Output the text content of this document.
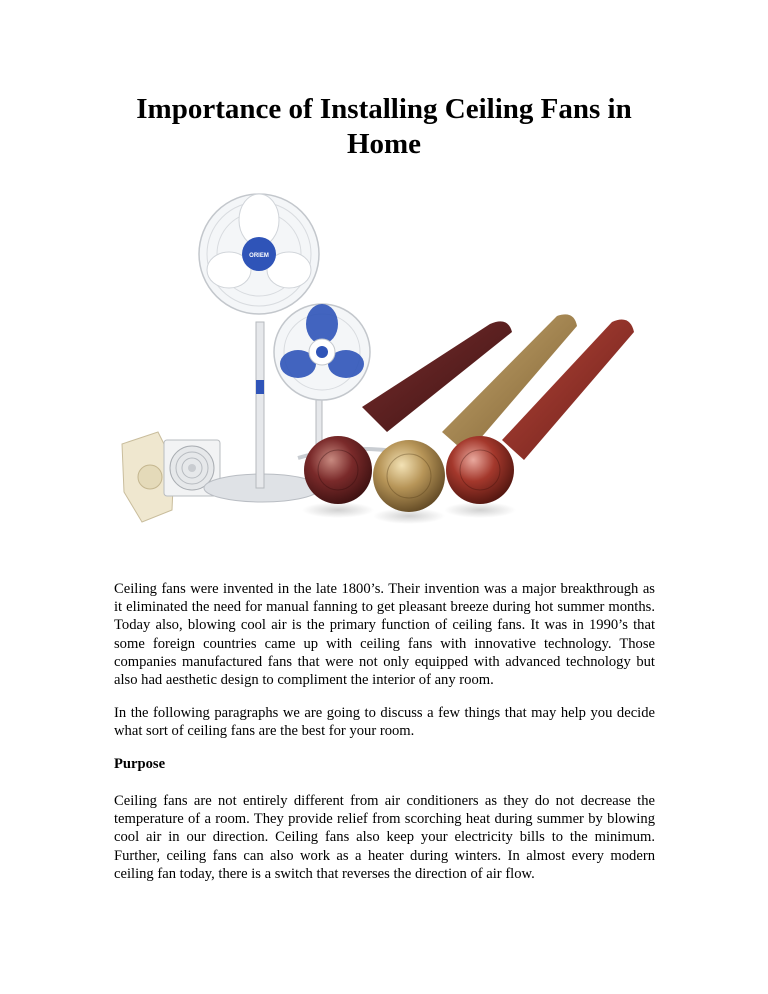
Importance of Installing Ceiling Fans in Home
ORIEM

Ceiling fans were invented in the late 1800’s. Their invention was a major breakthrough as it eliminated the need for manual fanning to get pleasant breeze during hot summer months. Today also, blowing cool air is the primary function of ceiling fans. It was in 1990’s that some foreign countries came up with ceiling fans with innovative technology. Those companies manufactured fans that were not only equipped with advanced technology but also had aesthetic design to compliment the interior of any room.

In the following paragraphs we are going to discuss a few things that may help you decide what sort of ceiling fans are the best for your room.

Purpose

Ceiling fans are not entirely different from air conditioners as they do not decrease the temperature of a room. They provide relief from scorching heat during summer by blowing cool air in our direction. Ceiling fans also keep your electricity bills to the minimum. Further, ceiling fans can also work as a heater during winters. In almost every modern ceiling fan today, there is a switch that reverses the direction of air flow.
